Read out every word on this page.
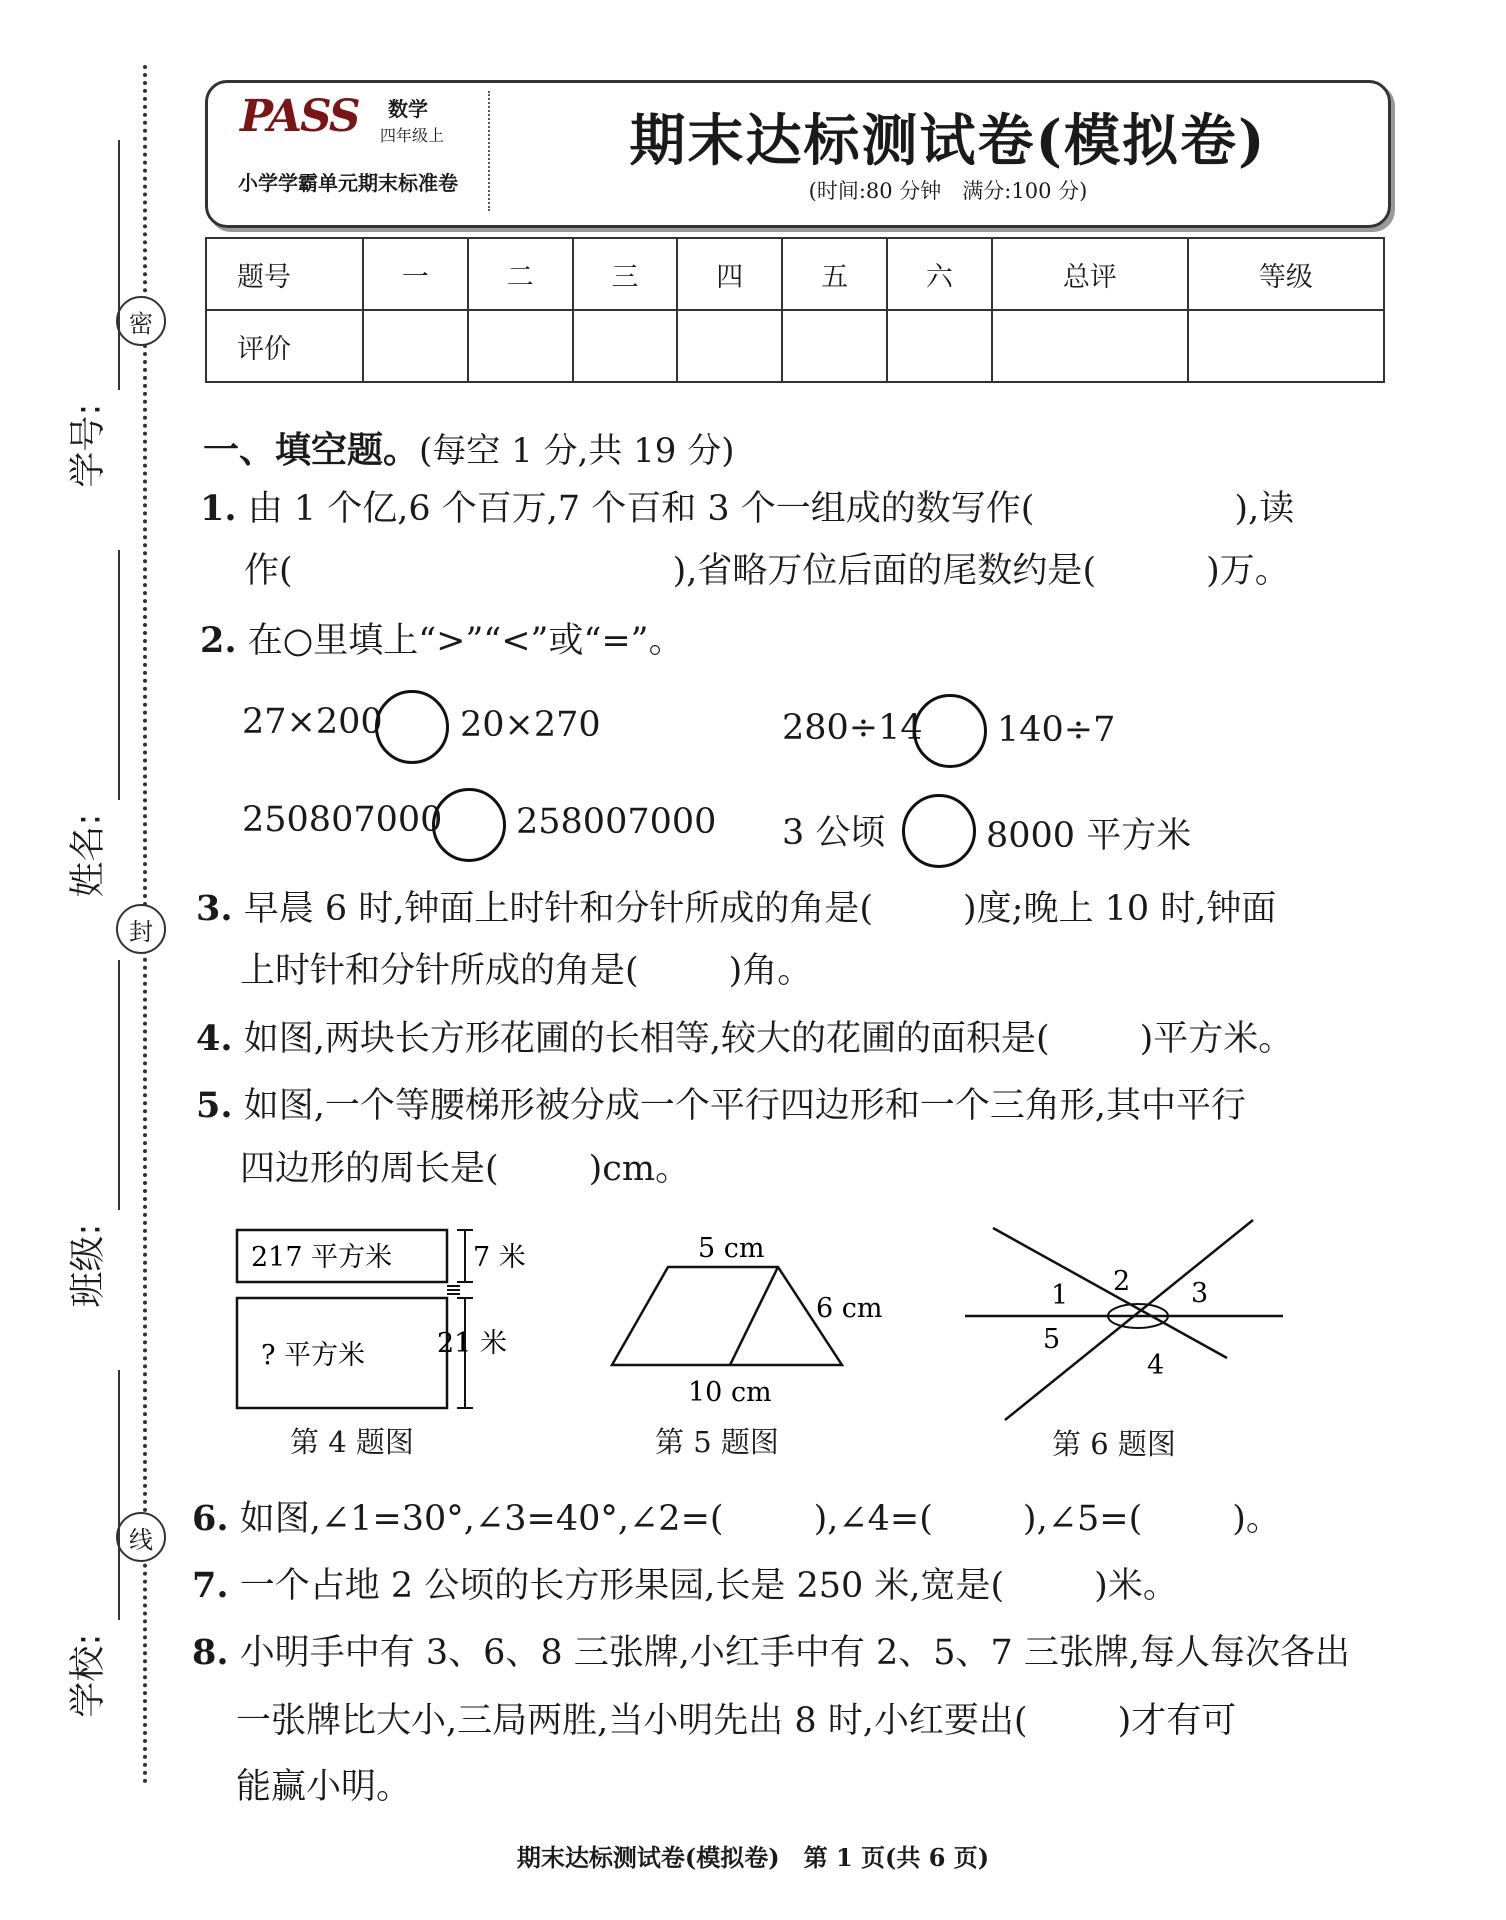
密
封
线
学号:
姓名:
班级:
学校:
PASS 数学
四年级上
小学学霸单元期末标准卷
期末达标测试卷(模拟卷)
(时间:80 分钟　满分:100 分)
题号	一	二	三	四	五	六	总评	等级
评价								
一、填空题。(每空 1 分,共 19 分)
1. 由 1 个亿,6 个百万,7 个百和 3 个一组成的数写作(	),读
作(	),省略万位后面的尾数约是(	)万。
2. 在○里填上“>”“<”或“=”。
27×200 20×270	280÷14 140÷7
250807000 258007000 3 公顷	8000 平方米
3. 早晨 6 时,钟面上时针和分针所成的角是(	)度;晚上 10 时,钟面
上时针和分针所成的角是(	)角。
4. 如图,两块长方形花圃的长相等,较大的花圃的面积是(	)平方米。
5. 如图,一个等腰梯形被分成一个平行四边形和一个三角形,其中平行
四边形的周长是(	)cm。
217 平方米
? 平方米
7 米
21 米
第 4 题图
5 cm
6 cm
10 cm
第 5 题图
1 2 3
4
5
第 6 题图
6. 如图,∠1=30°,∠3=40°,∠2=(	),∠4=(	),∠5=(	)。
7. 一个占地 2 公顷的长方形果园,长是 250 米,宽是(	)米。
8. 小明手中有 3、6、8 三张牌,小红手中有 2、5、7 三张牌,每人每次各出
一张牌比大小,三局两胜,当小明先出 8 时,小红要出(	)才有可
能赢小明。
期末达标测试卷(模拟卷)　第 1 页(共 6 页)
